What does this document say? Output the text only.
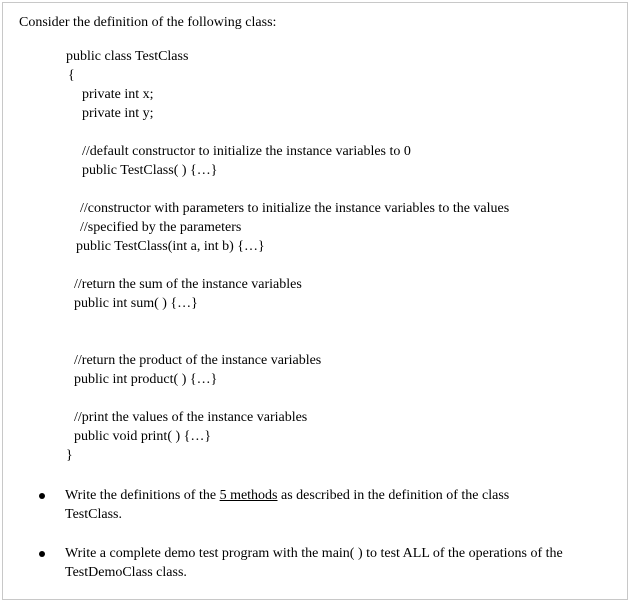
Consider the definition of the following class:
public class TestClass
{
private int x;
private int y;
//default constructor to initialize the instance variables to 0
public TestClass( ) {…}
//constructor with parameters to initialize the instance variables to the values
//specified by the parameters
public TestClass(int a, int b) {…}
//return the sum of the instance variables
public int sum( ) {…}
//return the product of the instance variables
public int product( ) {…}
//print the values of the instance variables
public void print( ) {…}
}
Write the definitions of the 5 methods as described in the definition of the class
TestClass.
Write a complete demo test program with the main( ) to test ALL of the operations of the
TestDemoClass class.
